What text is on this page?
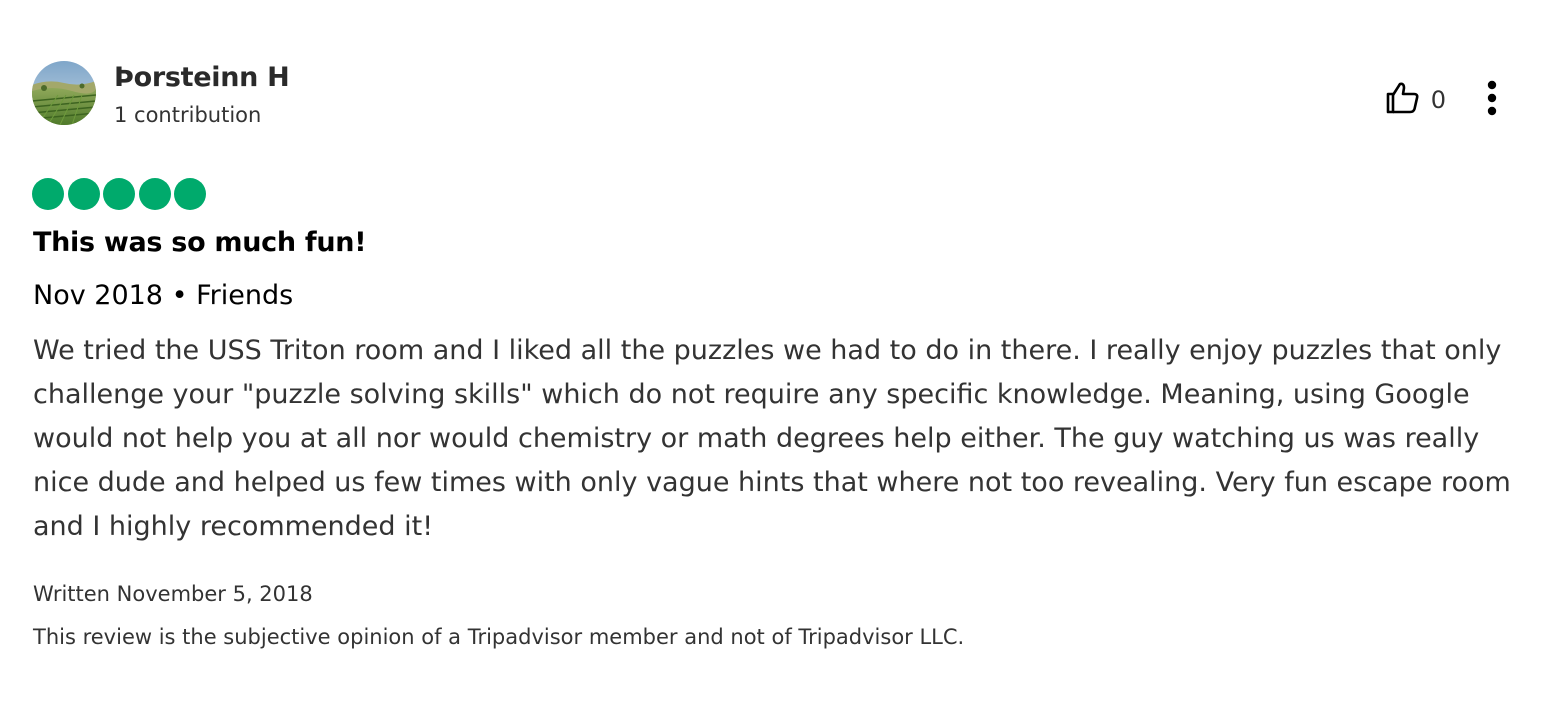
Þorsteinn H
1 contribution
0
This was so much fun!
Nov 2018 • Friends

We tried the USS Triton room and I liked all the puzzles we had to do in there. I really enjoy puzzles that only challenge your "puzzle solving skills" which do not require any specific knowledge. Meaning, using Google would not help you at all nor would chemistry or math degrees help either. The guy watching us was really nice dude and helped us few times with only vague hints that where not too revealing. Very fun escape room and I highly recommended it!

Written November 5, 2018
This review is the subjective opinion of a Tripadvisor member and not of Tripadvisor LLC.
